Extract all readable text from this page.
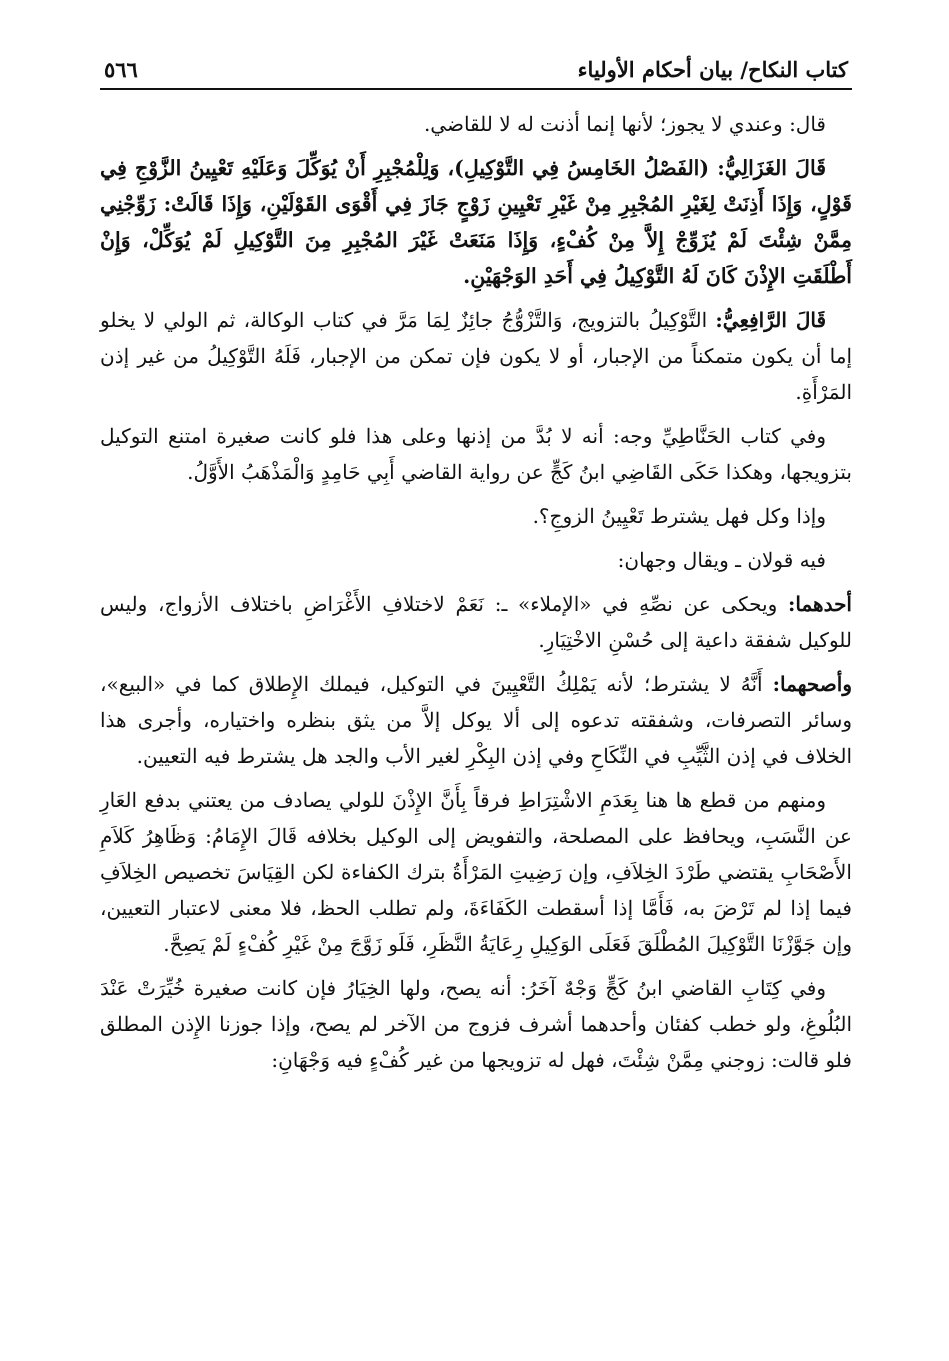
كتاب النكاح/ بيان أحكام الأولياء
٥٦٦

قال: وعندي لا يجوز؛ لأنها إنما أذنت له لا للقاضي.

قَالَ الغَزَالِيُّ: (الفَصْلُ الخَامِسُ فِي التَّوْكِيلِ)، وَلِلْمُجْبِرِ أَنْ يُوَكِّلَ وَعَلَيْهِ تَعْيِينُ الزَّوْجِ فِي قَوْلٍ، وَإِذَا أَذِنَتْ لِغَيْرِ المُجْبِرِ مِنْ غَيْرِ تَعْيِينِ زَوْجٍ جَازَ فِي أَقْوَى القَوْلَيْنِ، وَإِذَا قَالَتْ: زَوِّجْنِي مِمَّنْ شِئْتَ لَمْ يُزَوِّجْ إِلاَّ مِنْ كُفْءٍ، وَإِذَا مَنَعَتْ غَيْرَ المُجْبِرِ مِنَ التَّوْكِيلِ لَمْ يُوَكِّلْ، وَإِنْ أَطْلَقَتِ الإِذْنَ كَانَ لَهُ التَّوْكِيلُ فِي أَحَدِ الوَجْهَيْنِ.

قَالَ الرَّافِعِيُّ: التَّوْكِيلُ بالتزويج، وَالتَّزْوُّجُ جائِزٌ لِمَا مَرَّ في كتاب الوكالة، ثم الولي لا يخلو إما أن يكون متمكناً من الإجبار، أو لا يكون فإن تمكن من الإجبار، فَلَهُ التَّوْكِيلُ من غير إذن المَرْأَةِ.

وفي كتاب الحَنَّاطِيِّ وجه: أنه لا بُدَّ من إذنها وعلى هذا فلو كانت صغيرة امتنع التوكيل بتزويجها، وهكذا حَكَى القَاضِي ابنُ كَجٍّ عن رواية القاضي أَبِي حَامِدٍ وَالْمَذْهَبُ الأَوَّلُ.

وإذا وكل فهل يشترط تَعْيِينُ الزوجِ؟.

فيه قولان ـ ويقال وجهان:

أحدهما: ويحكى عن نصِّهِ في «الإملاء» ـ: نَعَمْ لاختلافِ الأَغْرَاضِ باختلاف الأزواج، وليس للوكيل شفقة داعية إلى حُسْنِ الاخْتِيَارِ.

وأصحهما: أَنَّهُ لا يشترط؛ لأنه يَمْلِكُ التَّعْيِينَ في التوكيل، فيملك الإِطلاق كما في «البيع»، وسائر التصرفات، وشفقته تدعوه إلى ألا يوكل إلاَّ من يثق بنظره واختياره، وأجرى هذا الخلاف في إذن الثَّيِّبِ في النِّكَاحِ وفي إذن البِكْرِ لغير الأب والجد هل يشترط فيه التعيين.

ومنهم من قطع ها هنا بِعَدَمِ الاشْتِرَاطِ فرقاً بِأَنَّ الإِذْنَ للولي يصادف من يعتني بدفع العَارِ عن النَّسَبِ، ويحافظ على المصلحة، والتفويض إلى الوكيل بخلافه قَالَ الإِمَامُ: وَظَاهِرُ كَلاَمِ الأَصْحَابِ يقتضي طَرْدَ الخِلاَفِ، وإن رَضِيتِ المَرْأَةُ بترك الكفاءة لكن القِيَاسَ تخصيص الخِلاَفِ فيما إذا لم تَرْضَ به، فَأَمَّا إذا أسقطت الكَفَاءَةَ، ولم تطلب الحظ، فلا معنى لاعتبار التعيين، وإن جَوَّزْنَا التَّوْكِيلَ المُطْلَقَ فَعَلَى الوَكِيلِ رِعَايَةُ النَّظَرِ، فَلَو زَوَّجَ مِنْ غَيْرِ كُفْءٍ لَمْ يَصِحَّ.

وفي كِتَابِ القاضي ابنُ كَجٍّ وَجْهٌ آخَرُ: أنه يصح، ولها الخِيَارُ فإن كانت صغيرة خُيِّرَتْ عَنْدَ البُلُوغِ، ولو خطب كفئان وأحدهما أشرف فزوج من الآخر لم يصح، وإذا جوزنا الإِذن المطلق فلو قالت: زوجني مِمَّنْ شِئْتَ، فهل له تزويجها من غير كُفْءٍ فيه وَجْهَانِ:
